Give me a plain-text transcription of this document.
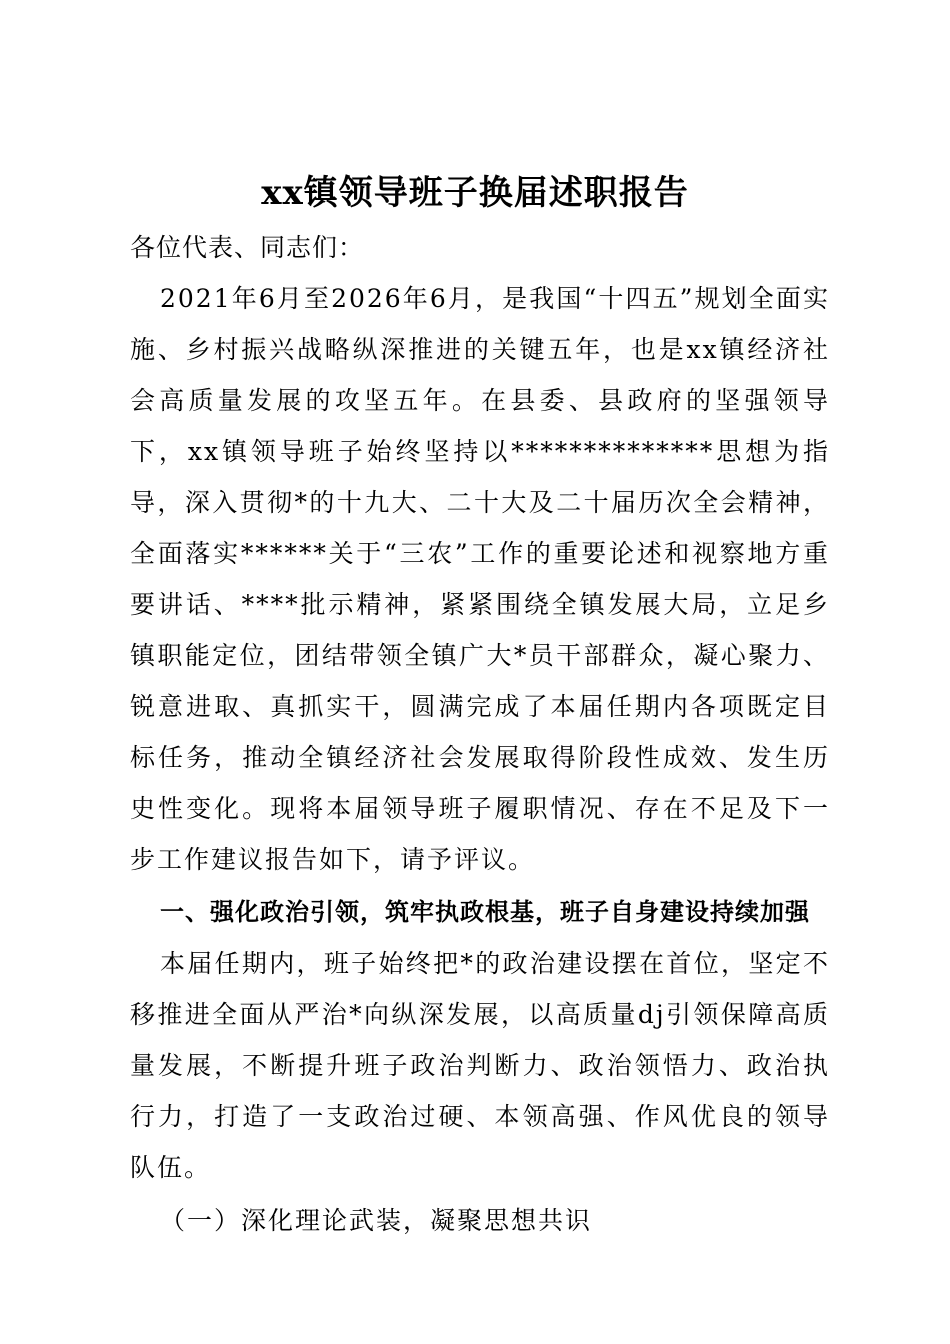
xx镇领导班子换届述职报告

各位代表、同志们：

2021年6月至2026年6月，是我国“十四五”规划全面实施、乡村振兴战略纵深推进的关键五年，也是xx镇经济社会高质量发展的攻坚五年。在县委、县政府的坚强领导下，xx镇领导班子始终坚持以**************思想为指导，深入贯彻*的十九大、二十大及二十届历次全会精神，全面落实******关于“三农”工作的重要论述和视察地方重要讲话、****批示精神，紧紧围绕全镇发展大局，立足乡镇职能定位，团结带领全镇广大*员干部群众，凝心聚力、锐意进取、真抓实干，圆满完成了本届任期内各项既定目标任务，推动全镇经济社会发展取得阶段性成效、发生历史性变化。现将本届领导班子履职情况、存在不足及下一步工作建议报告如下，请予评议。

一、强化政治引领，筑牢执政根基，班子自身建设持续加强

本届任期内，班子始终把*的政治建设摆在首位，坚定不移推进全面从严治*向纵深发展，以高质量dj引领保障高质量发展，不断提升班子政治判断力、政治领悟力、政治执行力，打造了一支政治过硬、本领高强、作风优良的领导队伍。

（一）深化理论武装，凝聚思想共识
